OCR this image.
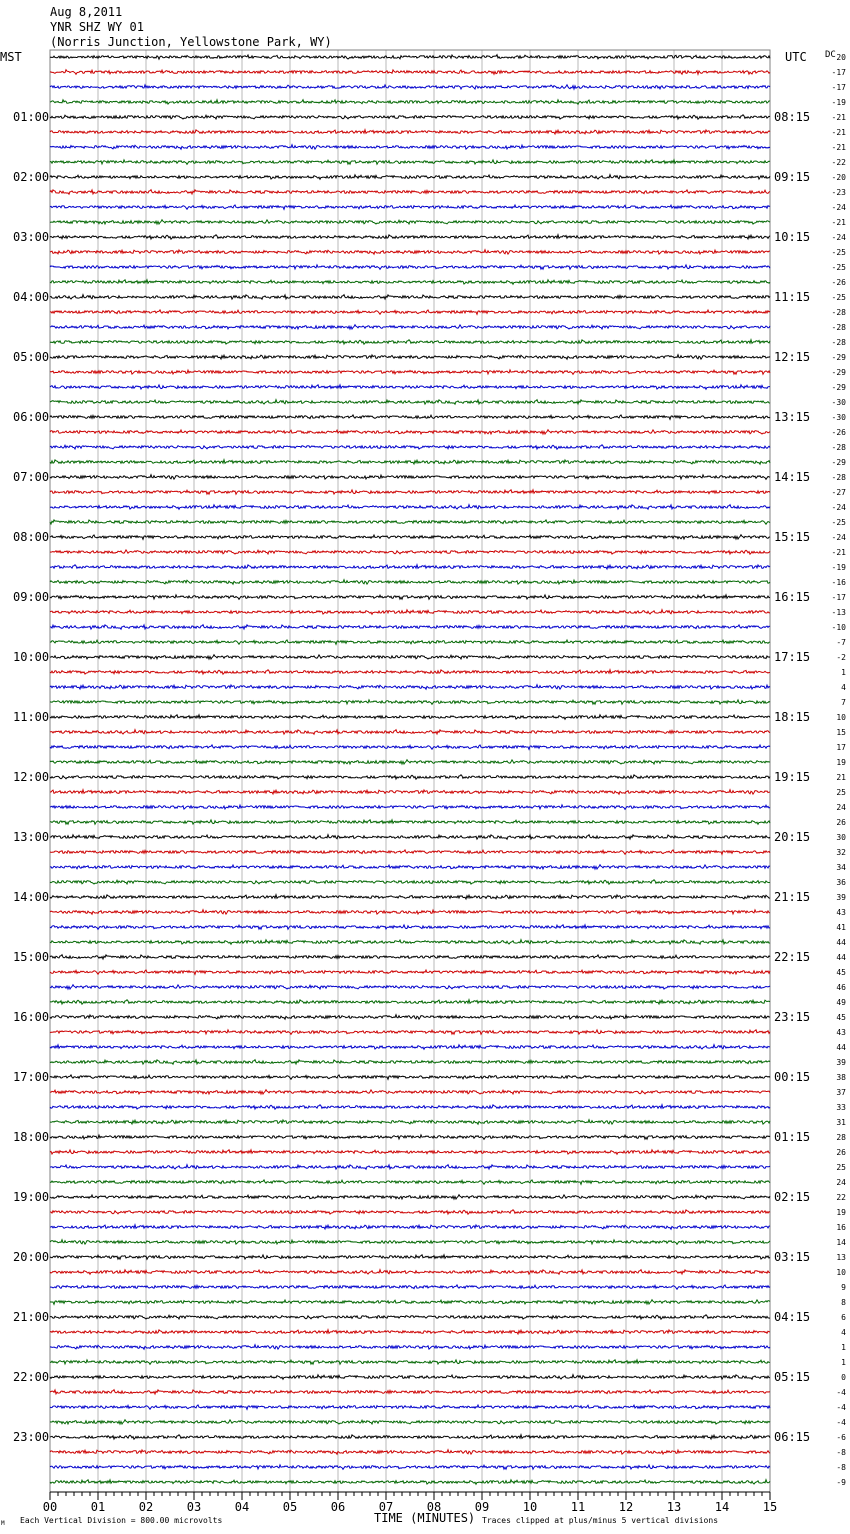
Aug 8,2011
YNR SHZ WY 01
(Norris Junction, Yellowstone Park, WY)
MST	UTC DC
01:00
02:00
03:00
04:00
05:00
06:00
07:00
08:00
09:00
10:00
11:00
12:00
13:00
14:00
15:00
16:00
17:00
18:00
19:00
20:00
21:00
22:00
23:00
08:15
09:15
10:15
11:15
12:15
13:15
14:15
15:15
16:15
17:15
18:15
19:15
20:15
21:15
22:15
23:15
00:15
01:15
02:15
03:15
04:15
05:15
06:15
20
-17
-17
-19
-21
-21
-21
-22
-20
-23
-24
-21
-24
-25
-25
-26
-25
-28
-28
-28
-29
-29
-29
-30
-30
-26
-28
-29
-28
-27
-24
-25
-24
-21
-19
-16
-17
-13
-10
-7
-2
1
4
7
10
15
17
19
21
25
24
26
30
32
34
36
39
43
41
44
44
45
46
49
45
43
44
39
38
37
33
31
28
26
25
24
22
19
16
14
13
10
9
8
6
4
1
1
0
-4
-4
-4
-6
-8
-8
-9
00	01	02	03	04	05	06	07	08	09	10	11	12	13	14	15
TIME (MINUTES)
Each Vertical Division = 800.00 microvolts	Traces clipped at plus/minus 5 vertical divisions
M
